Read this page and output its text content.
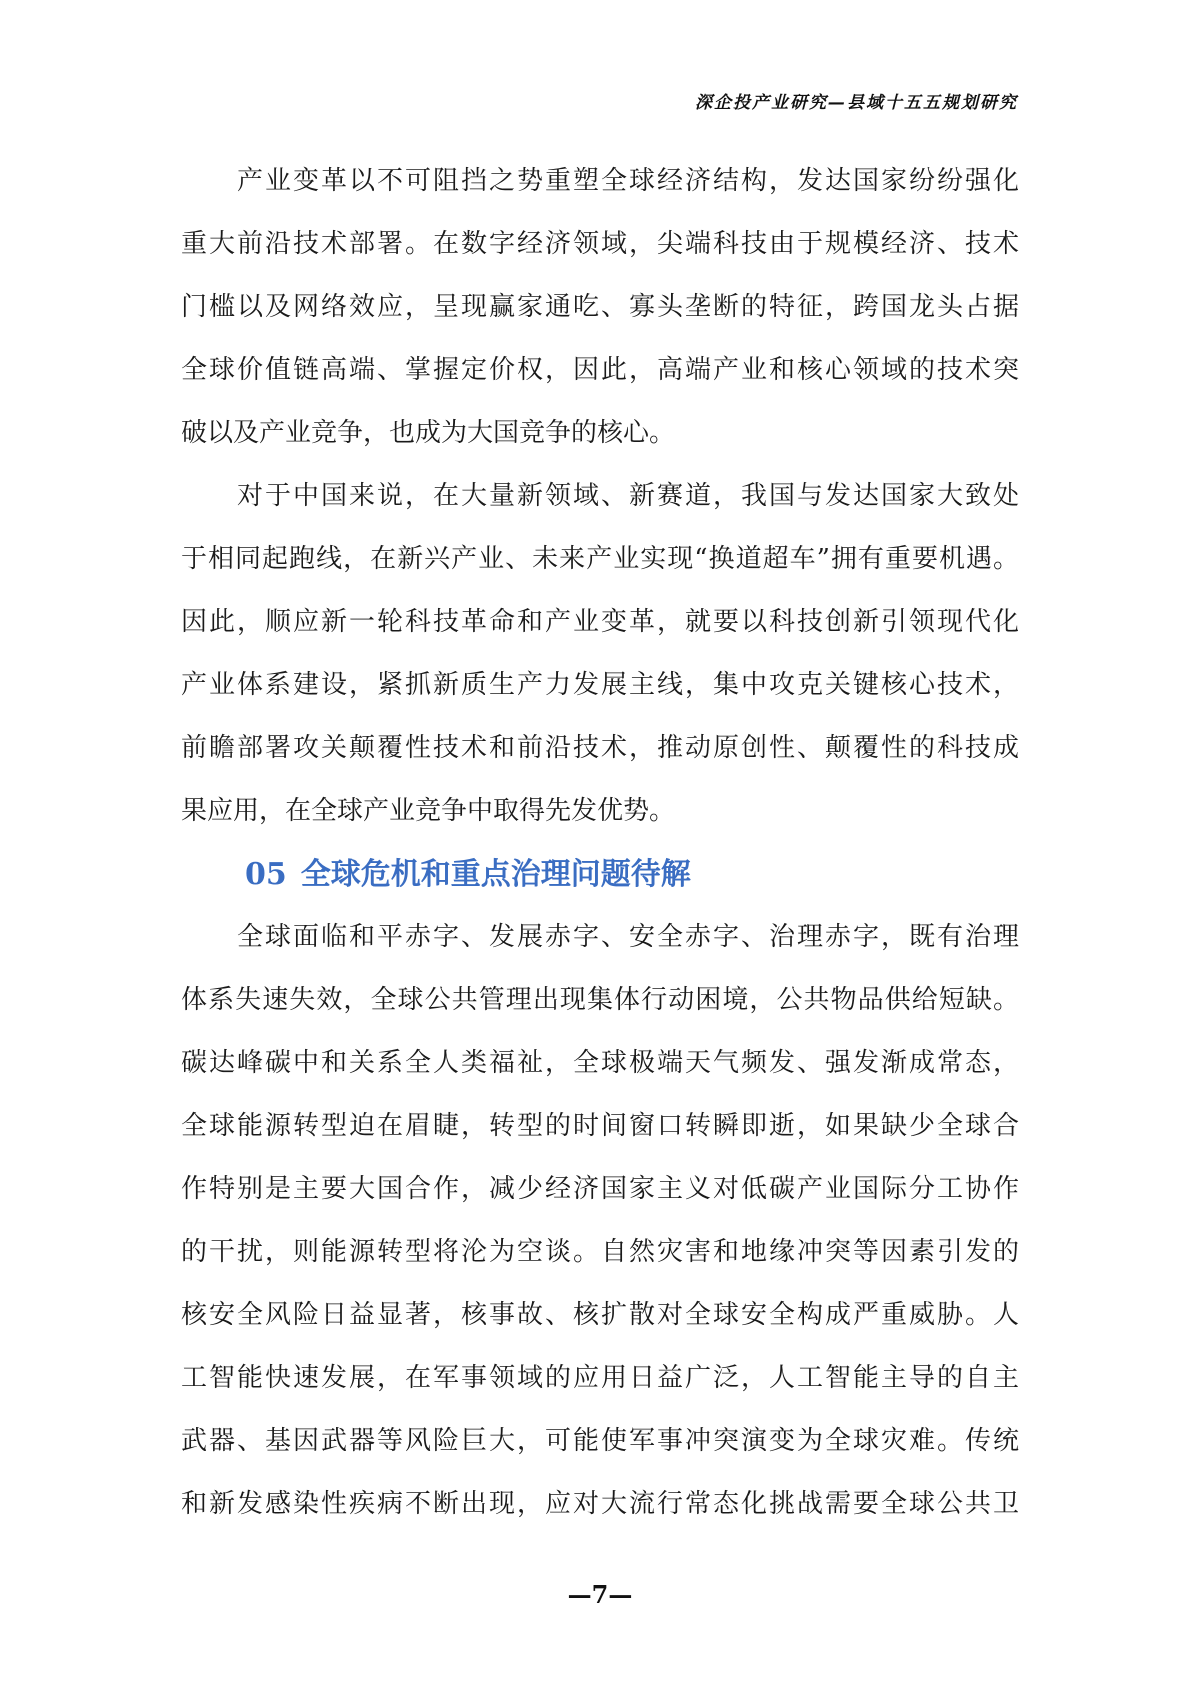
深企投产业研究—县域十五五规划研究
产业变革以不可阻挡之势重塑全球经济结构，发达国家纷纷强化
重大前沿技术部署。在数字经济领域，尖端科技由于规模经济、技术
门槛以及网络效应，呈现赢家通吃、寡头垄断的特征，跨国龙头占据
全球价值链高端、掌握定价权，因此，高端产业和核心领域的技术突
破以及产业竞争，也成为大国竞争的核心。
对于中国来说，在大量新领域、新赛道，我国与发达国家大致处
于相同起跑线，在新兴产业、未来产业实现“换道超车”拥有重要机遇。
因此，顺应新一轮科技革命和产业变革，就要以科技创新引领现代化
产业体系建设，紧抓新质生产力发展主线，集中攻克关键核心技术，
前瞻部署攻关颠覆性技术和前沿技术，推动原创性、颠覆性的科技成
果应用，在全球产业竞争中取得先发优势。
05 全球危机和重点治理问题待解
全球面临和平赤字、发展赤字、安全赤字、治理赤字，既有治理
体系失速失效，全球公共管理出现集体行动困境，公共物品供给短缺。
碳达峰碳中和关系全人类福祉，全球极端天气频发、强发渐成常态，
全球能源转型迫在眉睫，转型的时间窗口转瞬即逝，如果缺少全球合
作特别是主要大国合作，减少经济国家主义对低碳产业国际分工协作
的干扰，则能源转型将沦为空谈。自然灾害和地缘冲突等因素引发的
核安全风险日益显著，核事故、核扩散对全球安全构成严重威胁。人
工智能快速发展，在军事领域的应用日益广泛，人工智能主导的自主
武器、基因武器等风险巨大，可能使军事冲突演变为全球灾难。传统
和新发感染性疾病不断出现，应对大流行常态化挑战需要全球公共卫
—7—
